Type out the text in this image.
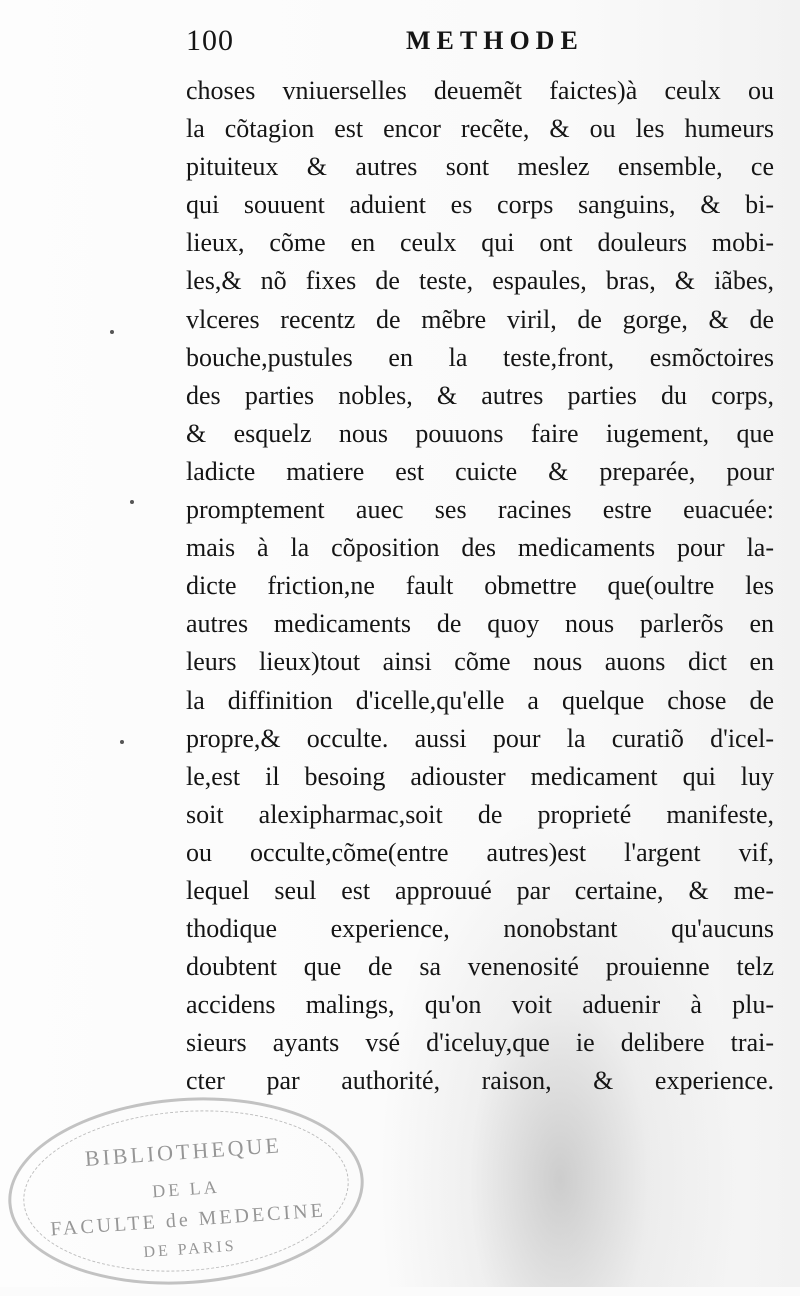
100	METHODE
choses vniuerselles deuemẽt faictes)à ceulx ou
la cõtagion est encor recẽte, & ou les humeurs
pituiteux & autres sont meslez ensemble, ce
qui souuent aduient es corps sanguins, & bi-
lieux, cõme en ceulx qui ont douleurs mobi-
les,& nõ fixes de teste, espaules, bras, & iãbes,
vlceres recentz de mẽbre viril, de gorge, & de
bouche,pustules en la teste,front, esmõctoires
des parties nobles, & autres parties du corps,
& esquelz nous pouuons faire iugement, que
ladicte matiere est cuicte & preparée, pour
promptement auec ses racines estre euacuée:
mais à la cõposition des medicaments pour la-
dicte friction,ne fault obmettre que(oultre les
autres medicaments de quoy nous parlerõs en
leurs lieux)tout ainsi cõme nous auons dict en
la diffinition d'icelle,qu'elle a quelque chose de
propre,& occulte. aussi pour la curatiõ d'icel-
le,est il besoing adiouster medicament qui luy
soit alexipharmac,soit de proprieté manifeste,
ou occulte,cõme(entre autres)est l'argent vif,
lequel seul est approuué par certaine, & me-
thodique experience, nonobstant qu'aucuns
doubtent que de sa venenosité prouienne telz
accidens malings, qu'on voit aduenir à plu-
sieurs ayants vsé d'iceluy,que ie delibere trai-
cter par authorité, raison, & experience.
BIBLIOTHEQUE
DE LA
FACULTE de MEDECINE
DE PARIS
